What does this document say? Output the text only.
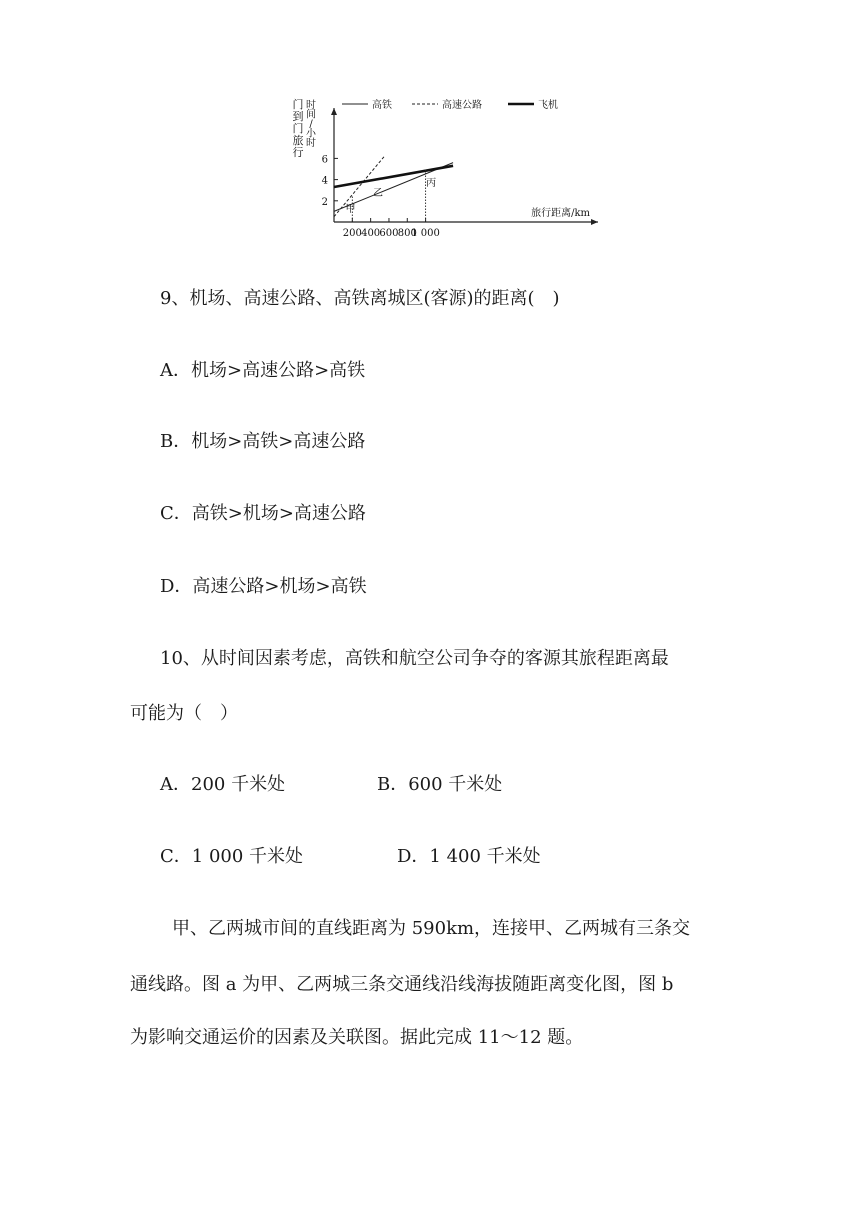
门
到
门
旅
行
时
间
/
小
时
高铁	高速公路	飞机
2
4
6
200 400 600 800
1 000
旅行距离/km
甲
乙
丙
9、机场、高速公路、高铁离城区(客源)的距离(　)
A．机场>高速公路>高铁
B．机场>高铁>高速公路
C．高铁>机场>高速公路
D．高速公路>机场>高铁
10、从时间因素考虑，高铁和航空公司争夺的客源其旅程距离最
可能为（　）
A．200 千米处	B．600 千米处
C．1 000 千米处	D．1 400 千米处
甲、乙两城市间的直线距离为 590km，连接甲、乙两城有三条交
通线路。图 a 为甲、乙两城三条交通线沿线海拔随距离变化图，图 b
为影响交通运价的因素及关联图。据此完成 11～12 题。
